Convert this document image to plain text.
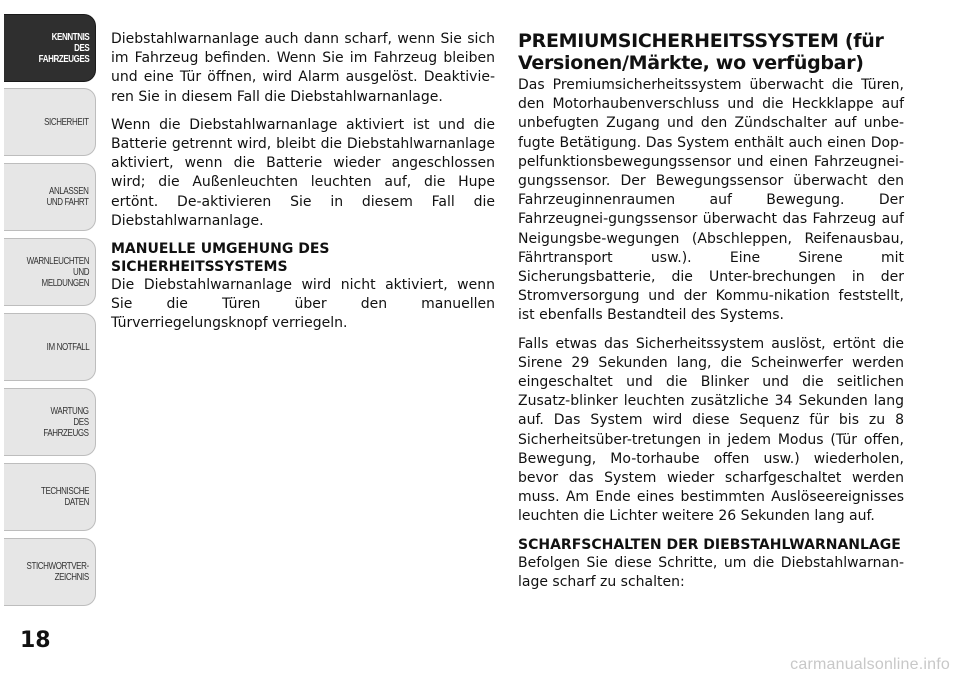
KENNTNIS
DES
FAHRZEUGES
SICHERHEIT
ANLASSEN
UND FAHRT
WARNLEUCHTEN
UND
MELDUNGEN
IM NOTFALL
WARTUNG
DES
FAHRZEUGS
TECHNISCHE
DATEN
STICHWORTVER-
ZEICHNIS
18

Diebstahlwarnanlage auch dann scharf, wenn Sie sich im Fahrzeug befinden. Wenn Sie im Fahrzeug bleiben und eine Tür öffnen, wird Alarm ausgelöst. Deaktivie-ren Sie in diesem Fall die Diebstahlwarnanlage.

Wenn die Diebstahlwarnanlage aktiviert ist und die Batterie getrennt wird, bleibt die Diebstahlwarnanlage aktiviert, wenn die Batterie wieder angeschlossen wird; die Außenleuchten leuchten auf, die Hupe ertönt. De-aktivieren Sie in diesem Fall die Diebstahlwarnanlage.

MANUELLE UMGEHUNG DES SICHERHEITSSYSTEMS

Die Diebstahlwarnanlage wird nicht aktiviert, wenn Sie die Türen über den manuellen Türverriegelungsknopf verriegeln.

PREMIUMSICHERHEITSSYSTEM (für Versionen/Märkte, wo verfügbar)

Das Premiumsicherheitssystem überwacht die Türen, den Motorhaubenverschluss und die Heckklappe auf unbefugten Zugang und den Zündschalter auf unbe-fugte Betätigung. Das System enthält auch einen Dop-pelfunktionsbewegungssensor und einen Fahrzeugnei-gungssensor. Der Bewegungssensor überwacht den Fahrzeuginnenraumen auf Bewegung. Der Fahrzeugnei-gungssensor überwacht das Fahrzeug auf Neigungsbe-wegungen (Abschleppen, Reifenausbau, Fährtransport usw.). Eine Sirene mit Sicherungsbatterie, die Unter-brechungen in der Stromversorgung und der Kommu-nikation feststellt, ist ebenfalls Bestandteil des Systems.

Falls etwas das Sicherheitssystem auslöst, ertönt die Sirene 29 Sekunden lang, die Scheinwerfer werden eingeschaltet und die Blinker und die seitlichen Zusatz-blinker leuchten zusätzliche 34 Sekunden lang auf. Das System wird diese Sequenz für bis zu 8 Sicherheitsüber-tretungen in jedem Modus (Tür offen, Bewegung, Mo-torhaube offen usw.) wiederholen, bevor das System wieder scharfgeschaltet werden muss. Am Ende eines bestimmten Auslöseereignisses leuchten die Lichter weitere 26 Sekunden lang auf.

SCHARFSCHALTEN DER DIEBSTAHLWARNANLAGE

Befolgen Sie diese Schritte, um die Diebstahlwarnan-lage scharf zu schalten:

carmanualsonline.info
